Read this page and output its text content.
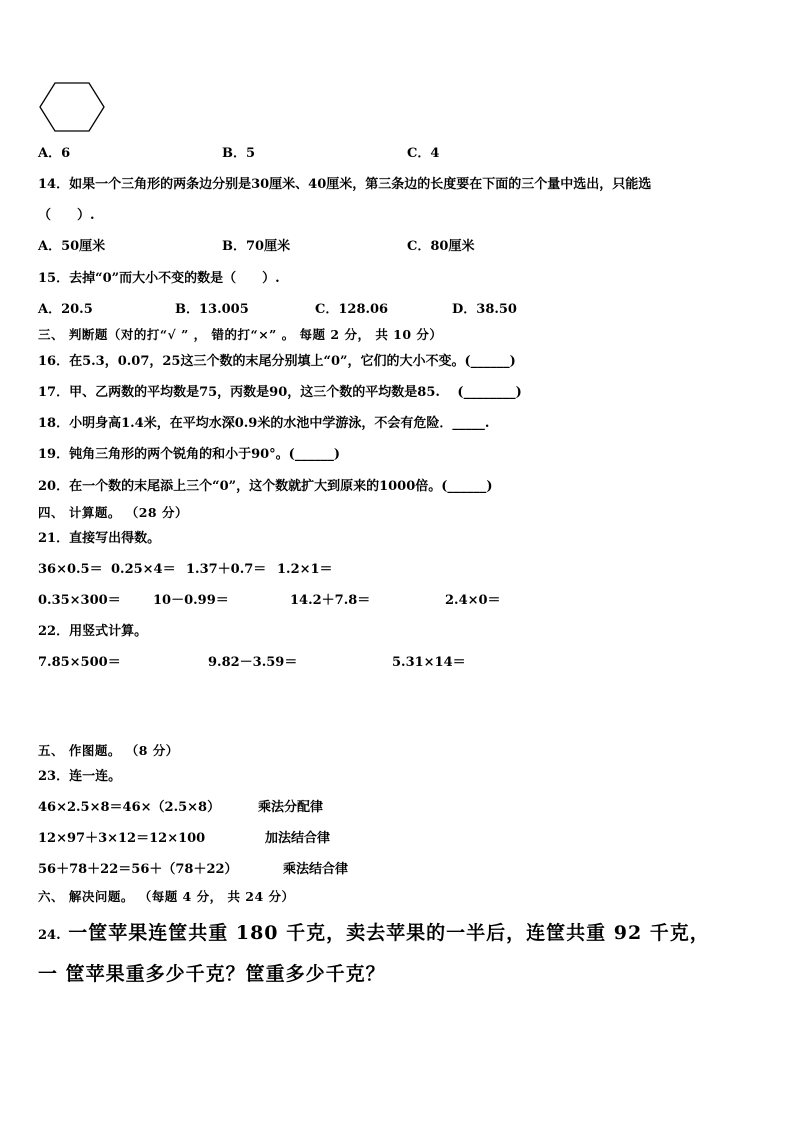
A．6	B．5	C．4
14．如果一个三角形的两条边分别是30厘米、40厘米，第三条边的长度要在下面的三个量中选出，只能选
（　　）.
A．50厘米	B．70厘米	C．80厘米
15．去掉“0”而大小不变的数是（　　）.
A．20.5	B．13.005	C．128.06	D．38.50
三、 判断题（对的打“√ ” ， 错的打“×” 。 每题 2 分， 共 10 分）
16．在5.3，0.07，25这三个数的末尾分别填上“0”，它们的大小不变。(______)
17．甲、乙两数的平均数是75，丙数是90，这三个数的平均数是85.　 (________)
18．小明身高1.4米，在平均水深0.9米的水池中学游泳，不会有危险．_____.
19．钝角三角形的两个锐角的和小于90°。(______)
20．在一个数的末尾添上三个“0”，这个数就扩大到原来的1000倍。(______)
四、 计算题。 （28 分）
21．直接写出得数。
36×0.5＝ 0.25×4＝ 1.37＋0.7＝ 1.2×1＝
0.35×300＝ 10－0.99＝	14.2＋7.8＝	2.4×0＝
22．用竖式计算。
7.85×500＝	9.82－3.59＝	5.31×14＝
五、 作图题。 （8 分）
23．连一连。
46×2.5×8＝46×（2.5×8）	乘法分配律
12×97＋3×12＝12×100	加法结合律
56＋78＋22＝56＋（78＋22）	乘法结合律
六、 解决问题。 （每题 4 分， 共 24 分）
24. 一筐苹果连筐共重 180 千克，卖去苹果的一半后，连筐共重 92 千克，
一 筐苹果重多少千克？筐重多少千克？
